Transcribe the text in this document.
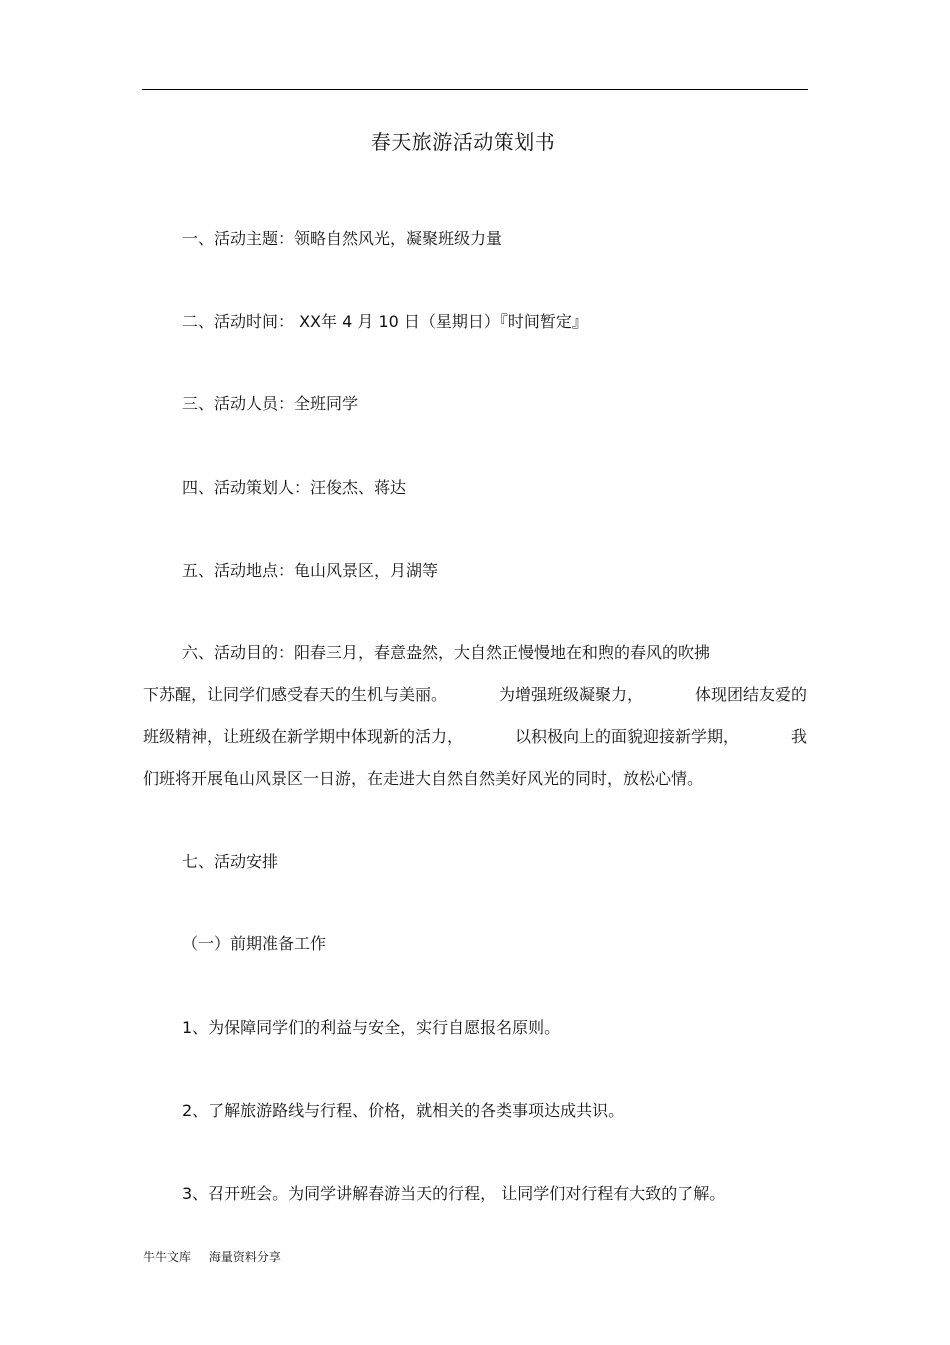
春天旅游活动策划书
一、活动主题：领略自然风光，凝聚班级力量
二、活动时间： XX年 4 月 10 日（星期日）『时间暂定』
三、活动人员：全班同学
四、活动策划人：汪俊杰、蒋达
五、活动地点：龟山风景区，月湖等
六、活动目的：阳春三月，春意盎然，大自然正慢慢地在和煦的春风的吹拂
下苏醒，让同学们感受春天的生机与美丽。	为增强班级凝聚力，	体现团结友爱的
班级精神，让班级在新学期中体现新的活力，	以积极向上的面貌迎接新学期，	我
们班将开展龟山风景区一日游，在走进大自然自然美好风光的同时，放松心情。
七、活动安排
（一）前期准备工作
1、为保障同学们的利益与安全，实行自愿报名原则。
2、了解旅游路线与行程、价格，就相关的各类事项达成共识。
3、召开班会。为同学讲解春游当天的行程， 让同学们对行程有大致的了解。
牛牛文库 海量资料分享
